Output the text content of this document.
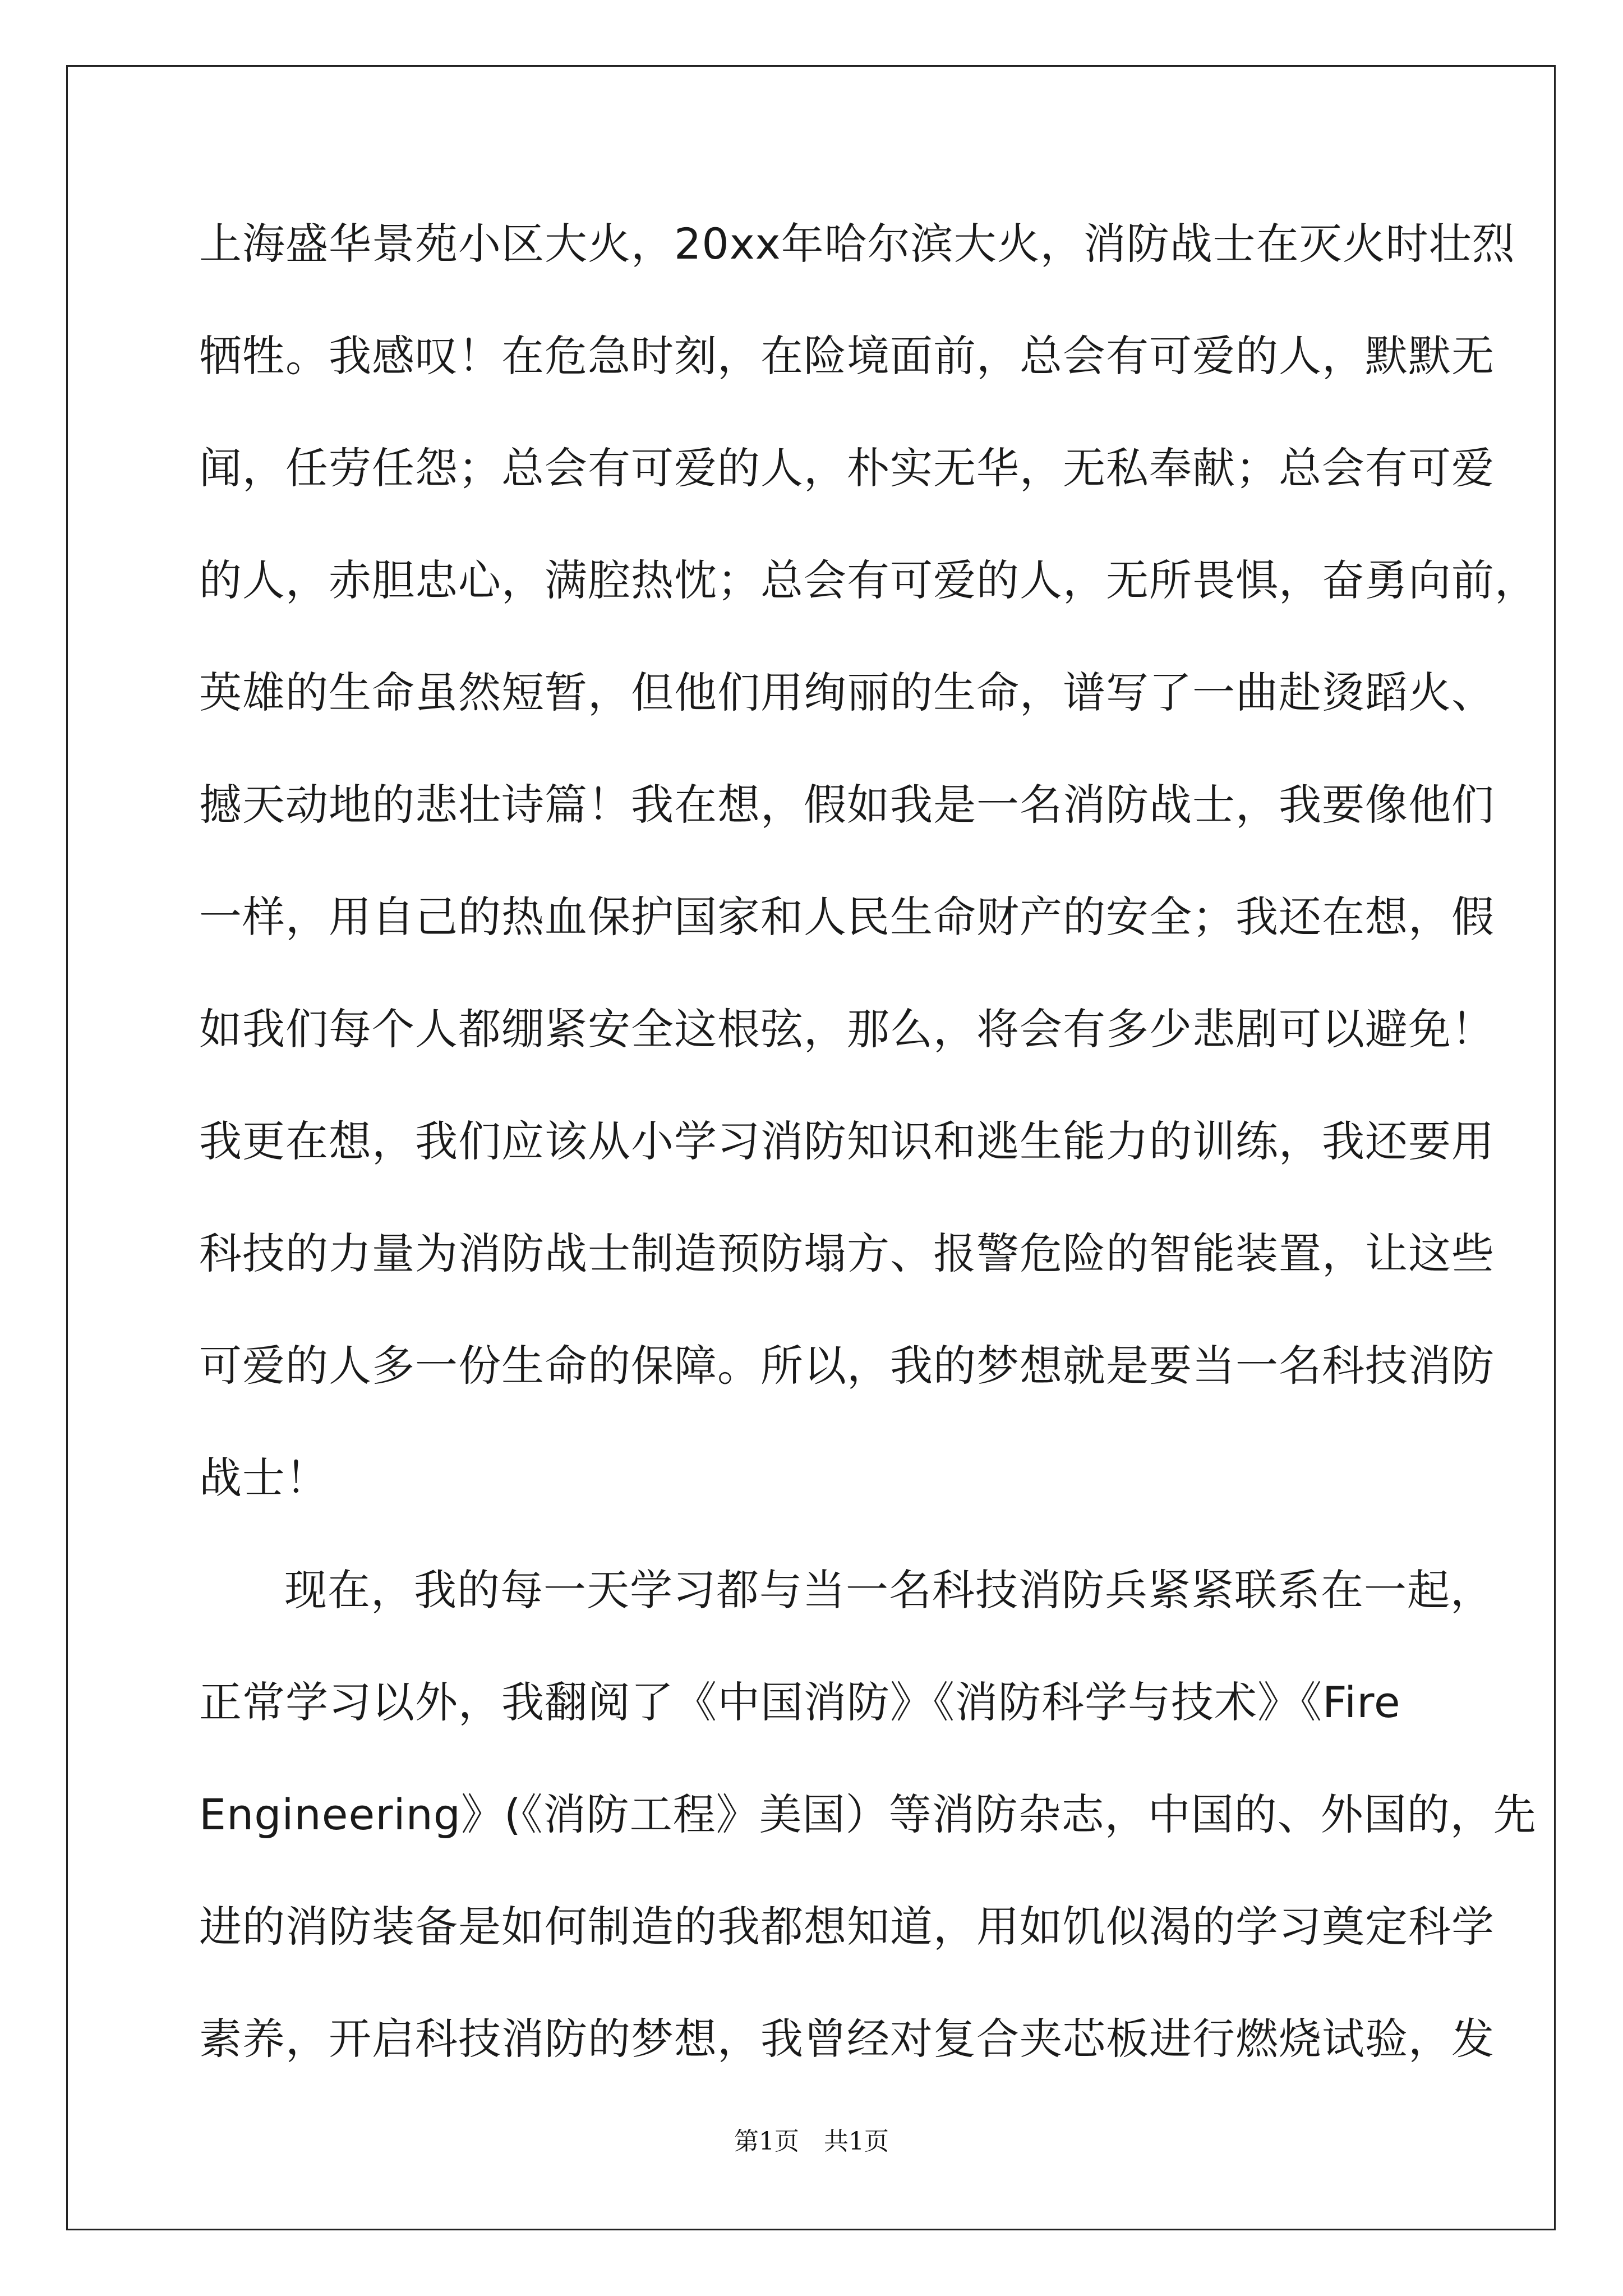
上海盛华景苑小区大火，20xx年哈尔滨大火，消防战士在灭火时壮烈
牺牲。我感叹！在危急时刻，在险境面前，总会有可爱的人，默默无
闻，任劳任怨；总会有可爱的人，朴实无华，无私奉献；总会有可爱
的人，赤胆忠心，满腔热忱；总会有可爱的人，无所畏惧，奋勇向前，
英雄的生命虽然短暂，但他们用绚丽的生命，谱写了一曲赴烫蹈火、
撼天动地的悲壮诗篇！我在想，假如我是一名消防战士，我要像他们
一样，用自己的热血保护国家和人民生命财产的安全；我还在想，假
如我们每个人都绷紧安全这根弦，那么，将会有多少悲剧可以避免！
我更在想，我们应该从小学习消防知识和逃生能力的训练，我还要用
科技的力量为消防战士制造预防塌方、报警危险的智能装置，让这些
可爱的人多一份生命的保障。所以，我的梦想就是要当一名科技消防
战士！
现在，我的每一天学习都与当一名科技消防兵紧紧联系在一起，
正常学习以外，我翻阅了《中国消防》《消防科学与技术》《Fire
Engineering》(《消防工程》美国）等消防杂志，中国的、外国的，先
进的消防装备是如何制造的我都想知道，用如饥似渴的学习奠定科学
素养，开启科技消防的梦想，我曾经对复合夹芯板进行燃烧试验，发
第1页　共1页
